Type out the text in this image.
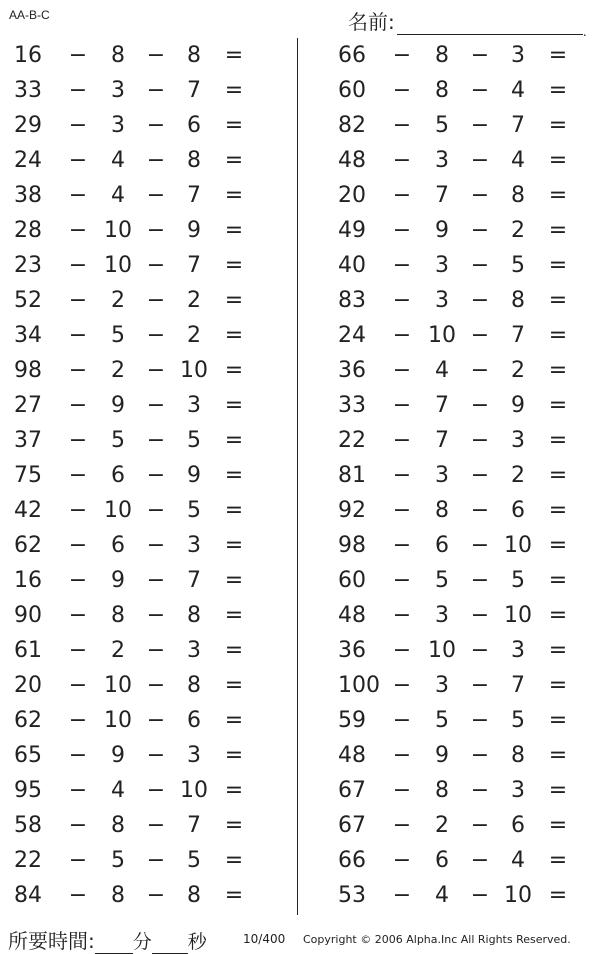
AA-B-C	名前:
.
16	−	8 − 8	=
33	−	3 − 7	=
29	−	3 − 6	=
24	−	4 − 8	=
38	−	4 − 7	=
28	− 10 − 9	=
23	− 10 − 7	=
52	−	2 − 2	=
34	−	5 − 2	=
98	−	2 − 10 =
27	−	9 − 3	=
37	−	5 − 5	=
75	−	6 − 9	=
42	− 10 − 5	=
62	−	6 − 3	=
16	−	9 − 7	=
90	−	8 − 8	=
61	−	2 − 3	=
20	− 10 − 8	=
62	− 10 − 6	=
65	−	9 − 3	=
95	−	4 − 10 =
58	−	8 − 7	=
22	−	5 − 5	=
84	−	8 − 8	=
66	−	8 − 3	=
60	−	8 − 4	=
82	−	5 − 7	=
48	−	3 − 4	=
20	−	7 − 8	=
49	−	9 − 2	=
40	−	3 − 5	=
83	−	3 − 8	=
24	− 10 − 7	=
36	−	4 − 2	=
33	−	7 − 9	=
22	−	7 − 3	=
81	−	3 − 2	=
92	−	8 − 6	=
98	−	6 − 10 =
60	−	5 − 5	=
48	−	3 − 10 =
36	− 10 − 3	=
100 −	3 − 7	=
59	−	5 − 5	=
48	−	9 − 8	=
67	−	8 − 3	=
67	−	2 − 6	=
66	−	6 − 4	=
53	−	4 − 10 =
所要時間: 分 秒	10/400 Copyright © 2006 Alpha.Inc All Rights Reserved.
